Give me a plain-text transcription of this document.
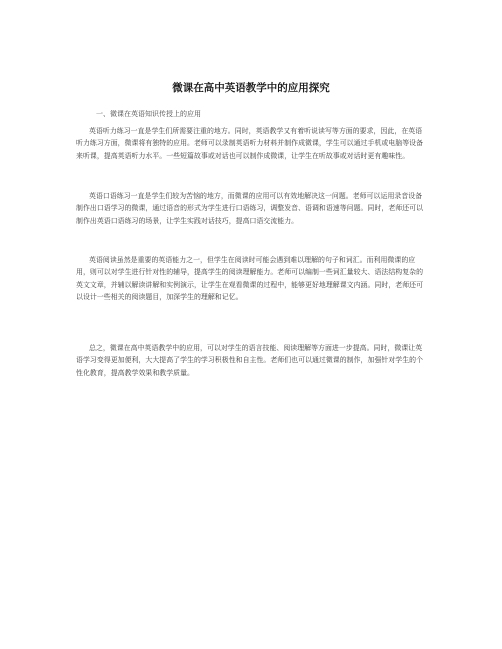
微课在高中英语教学中的应用探究
一、微课在英语知识传授上的应用

英语听力练习一直是学生们所需要注重的地方。同时，英语教学又有着听说读写等方面的要求，因此，在英语听力练习方面，微课将有独特的应用。老师可以录制英语听力材料并制作成微课，学生可以通过手机或电脑等设备来听课，提高英语听力水平。一些短篇故事或对话也可以制作成微课，让学生在听故事或对话时更有趣味性。

英语口语练习一直是学生们较为苦恼的地方，而微课的应用可以有效地解决这一问题。老师可以运用录音设备制作出口语学习的微课，通过语音的形式为学生进行口语练习，调整发音、语调和语速等问题。同时，老师还可以制作出英语口语练习的场景，让学生实践对话技巧，提高口语交流能力。

英语阅读虽然是重要的英语能力之一，但学生在阅读时可能会遇到难以理解的句子和词汇。而利用微课的应用，则可以对学生进行针对性的辅导，提高学生的阅读理解能力。老师可以编制一些词汇量较大、语法结构复杂的英文文章，并辅以解读讲解和实例演示，让学生在观看微课的过程中，能够更好地理解课文内涵。同时，老师还可以设计一些相关的阅读题目，加深学生的理解和记忆。

总之，微课在高中英语教学中的应用，可以对学生的语言技能、阅读理解等方面进一步提高。同时，微课让英语学习变得更加便利，大大提高了学生的学习积极性和自主性。老师们也可以通过微课的制作，加强针对学生的个性化教育，提高教学效果和教学质量。
